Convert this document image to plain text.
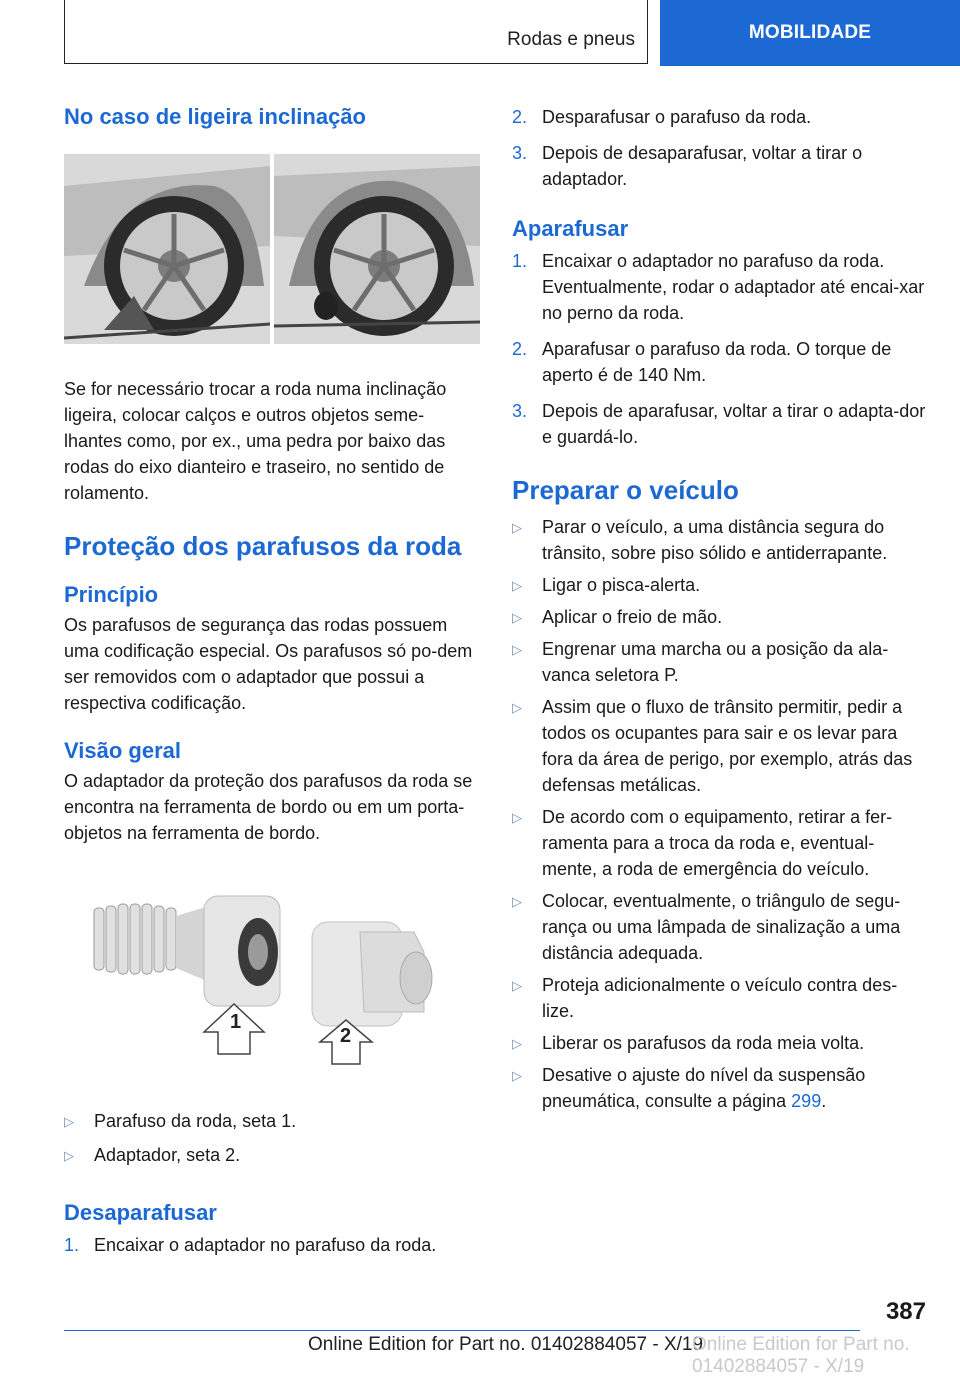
Rodas e pneus	MOBILIDADE
No caso de ligeira inclinação

Se for necessário trocar a roda numa inclinação ligeira, colocar calços e outros objetos seme-lhantes como, por ex., uma pedra por baixo das rodas do eixo dianteiro e traseiro, no sentido de rolamento.

Proteção dos parafusos da roda
Princípio

Os parafusos de segurança das rodas possuem uma codificação especial. Os parafusos só po-dem ser removidos com o adaptador que possui a respectiva codificação.

Visão geral

O adaptador da proteção dos parafusos da roda se encontra na ferramenta de bordo ou em um porta-objetos na ferramenta de bordo.

1
2
▷ Parafuso da roda, seta 1.
▷ Adaptador, seta 2.
Desaparafusar
1. Encaixar o adaptador no parafuso da roda.
2. Desparafusar o parafuso da roda.
3. Depois de desaparafusar, voltar a tirar o adaptador.
Aparafusar
1. Encaixar o adaptador no parafuso da roda. Eventualmente, rodar o adaptador até encai-xar no perno da roda.
2. Aparafusar o parafuso da roda. O torque de aperto é de 140 Nm.
3. Depois de aparafusar, voltar a tirar o adapta-dor e guardá-lo.
Preparar o veículo
▷ Parar o veículo, a uma distância segura do trânsito, sobre piso sólido e antiderrapante.
▷ Ligar o pisca-alerta.
▷ Aplicar o freio de mão.
▷ Engrenar uma marcha ou a posição da ala-vanca seletora P.
▷ Assim que o fluxo de trânsito permitir, pedir a todos os ocupantes para sair e os levar para fora da área de perigo, por exemplo, atrás das defensas metálicas.
▷ De acordo com o equipamento, retirar a fer-ramenta para a troca da roda e, eventual-mente, a roda de emergência do veículo.
▷ Colocar, eventualmente, o triângulo de segu-rança ou uma lâmpada de sinalização a uma distância adequada.
▷ Proteja adicionalmente o veículo contra des-lize.
▷ Liberar os parafusos da roda meia volta.
▷ Desative o ajuste do nível da suspensão pneumática, consulte a página 299.
387
Online Edition for Part no. 01402884057 - X/19
Online Edition for Part no. 01402884057 - X/19
